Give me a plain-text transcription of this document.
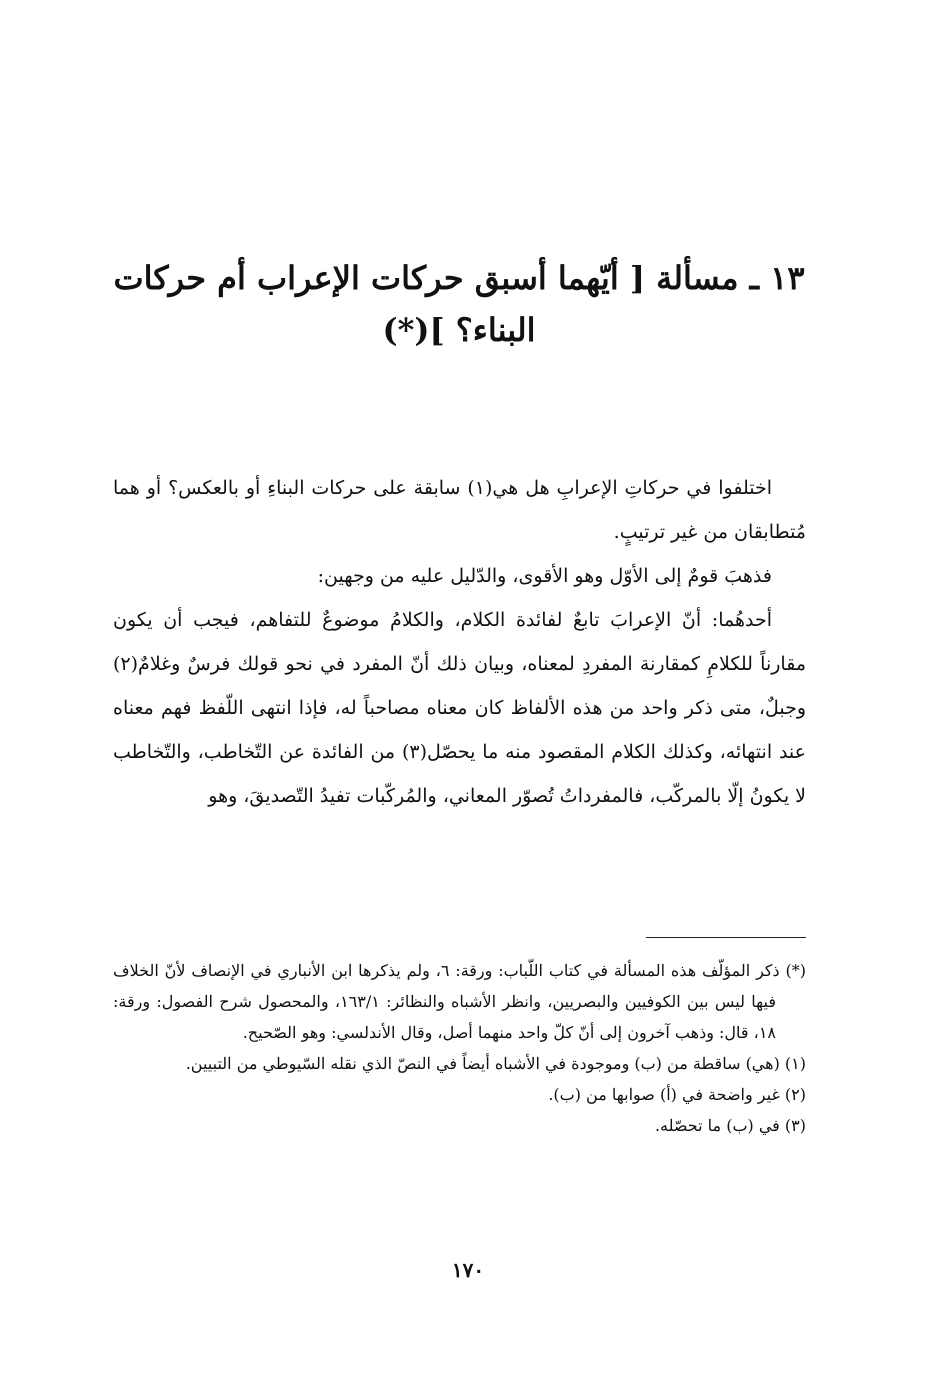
١٣ ـ مسألة [ أيّهما أسبق حركات الإعراب أم حركات
البناء؟ ](*)

اختلفوا في حركاتِ الإعرابِ هل هي(١) سابقة على حركات البناءِ أو بالعكس؟ أو هما مُتطابقان من غير ترتيبٍ.

فذهبَ قومٌ إلى الأوّل وهو الأقوى، والدّليل عليه من وجهين:

أحدهُما: أنّ الإعرابَ تابعٌ لفائدة الكلام، والكلامُ موضوعٌ للتفاهم، فيجب أن يكون مقارناً للكلامِ كمقارنة المفردِ لمعناه، وبيان ذلك أنّ المفرد في نحو قولك فرسٌ وغلامٌ(٢) وجبلٌ، متى ذكر واحد من هذه الألفاظ كان معناه مصاحباً له، فإذا انتهى اللّفظ فهم معناه عند انتهائه، وكذلك الكلام المقصود منه ما يحصّل(٣) من الفائدة عن التّخاطب، والتّخاطب لا يكونُ إلّا بالمركّب، فالمفرداتُ تُصوّر المعاني، والمُركّبات تفيدُ التّصديقَ، وهو

(*) ذكر المؤلّف هذه المسألة في كتاب اللّباب: ورقة: ٦، ولم يذكرها ابن الأنباري في الإنصاف لأنّ الخلاف فيها ليس بين الكوفيين والبصريين، وانظر الأشباه والنظائر: ١٦٣/١، والمحصول شرح الفصول: ورقة: ١٨، قال: وذهب آخرون إلى أنّ كلّ واحد منهما أصل، وقال الأندلسي: وهو الصّحيح.

(١) (هي) ساقطة من (ب) وموجودة في الأشباه أيضاً في النصّ الذي نقله السّيوطي من التبيين.

(٢) غير واضحة في (أ) صوابها من (ب).

(٣) في (ب) ما تحصّله.

١٧٠
